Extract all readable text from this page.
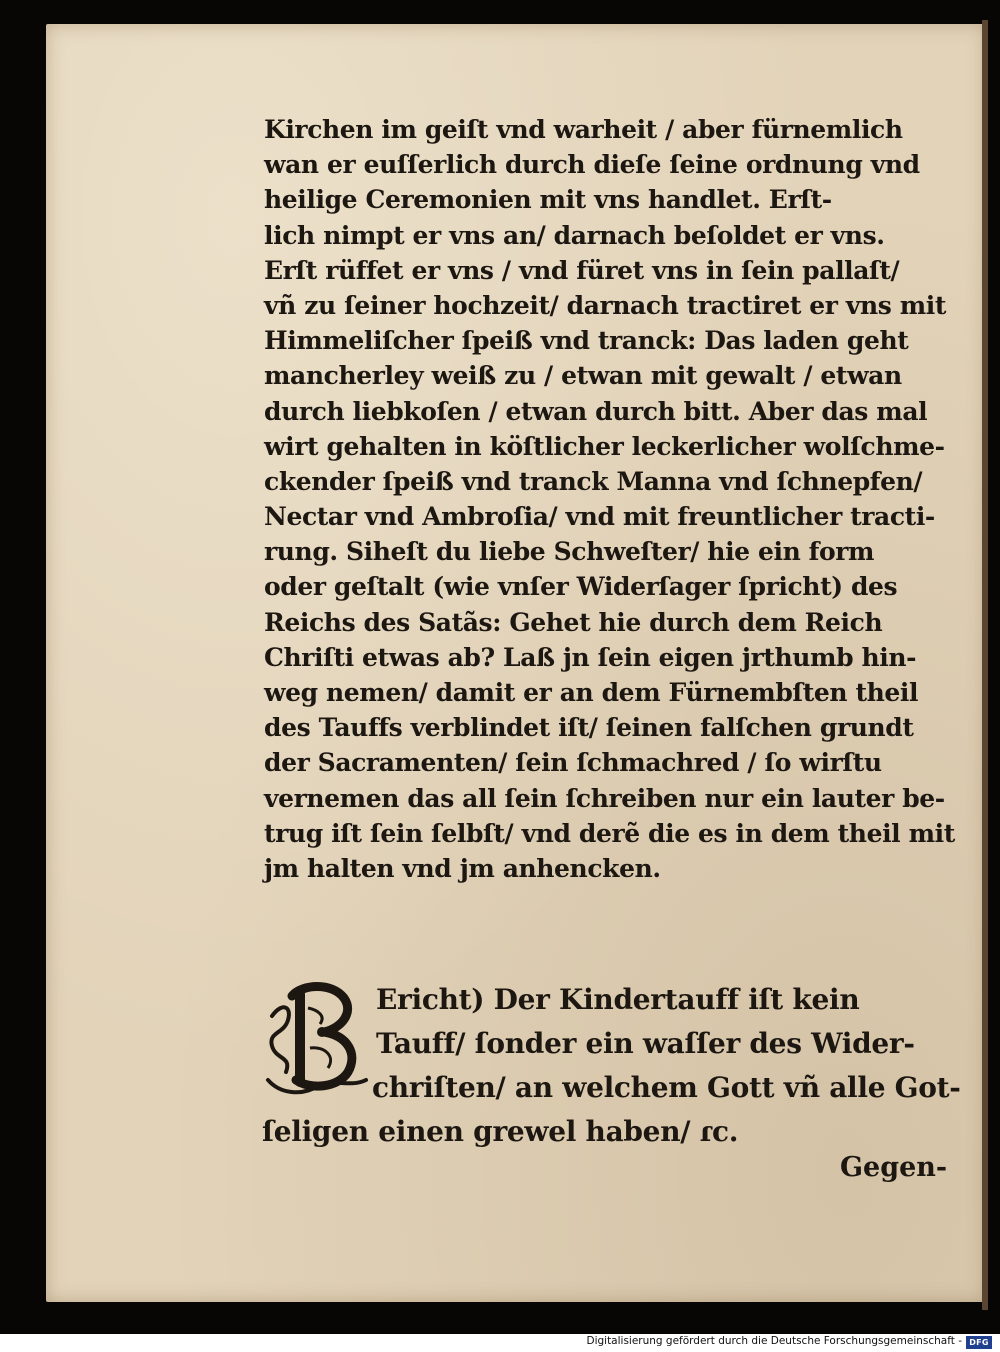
Kirchen im geiſt vnd warheit / aber fürnemlich
wan er euſſerlich durch dieſe ſeine ordnung vnd
heilige Ceremonien mit vns handlet. Erſt-
lich nimpt er vns an/ darnach beſoldet er vns.
Erſt rüffet er vns / vnd füret vns in ſein pallaſt/
vñ zu ſeiner hochzeit/ darnach tractiret er vns mit
Himmeliſcher ſpeiß vnd tranck: Das laden geht
mancherley weiß zu / etwan mit gewalt / etwan
durch liebkoſen / etwan durch bitt. Aber das mal
wirt gehalten in köſtlicher leckerlicher wolſchme-
ckender ſpeiß vnd tranck Manna vnd ſchnepfen/
Nectar vnd Ambroſia/ vnd mit freuntlicher tracti-
rung. Siheſt du liebe Schweſter/ hie ein form
oder geſtalt (wie vnſer Widerſager ſpricht) des
Reichs des Satãs: Gehet hie durch dem Reich
Chriſti etwas ab? Laß jn ſein eigen jrthumb hin-
weg nemen/ damit er an dem Fürnembſten theil
des Tauffs verblindet iſt/ ſeinen falſchen grundt
der Sacramenten/ ſein ſchmachred / ſo wirſtu
vernemen das all ſein ſchreiben nur ein lauter be-
trug iſt ſein ſelbſt/ vnd derẽ die es in dem theil mit
jm halten vnd jm anhencken.
B
Ericht) Der Kindertauff iſt kein
Tauff/ ſonder ein waſſer des Wider-
chriſten/ an welchem Gott vñ alle Got-
ſeligen einen grewel haben/ ɾc.
Gegen-
Digitalisierung gefördert durch die Deutsche Forschungsgemeinschaft - DFG
